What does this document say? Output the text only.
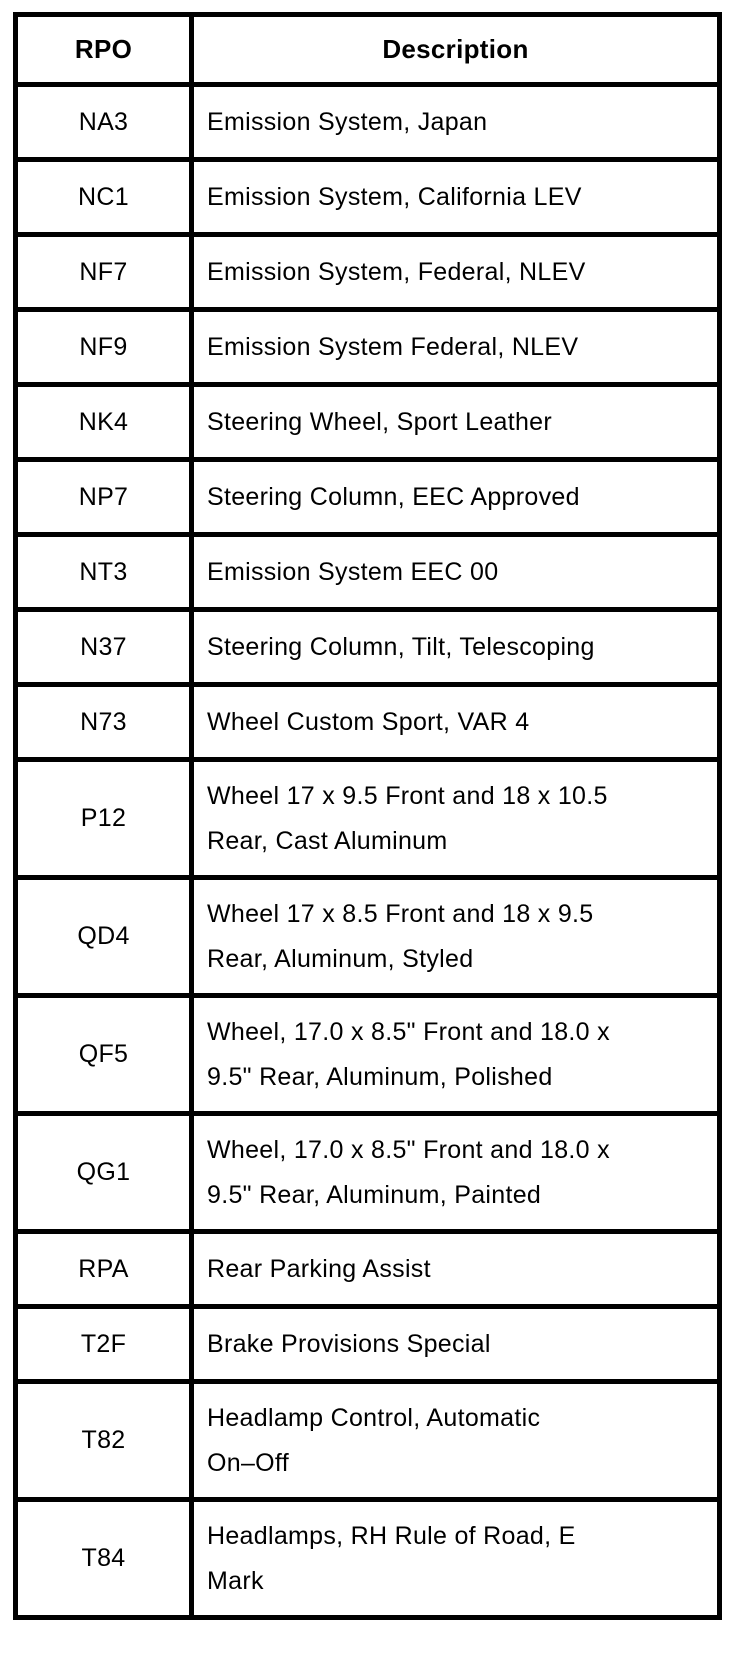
RPO	Description
NA3	Emission System, Japan

NC1	Emission System, California LEV

NF7	Emission System, Federal, NLEV

NF9	Emission System Federal, NLEV

NK4	Steering Wheel, Sport Leather

NP7	Steering Column, EEC Approved

NT3	Emission System EEC 00

N37	Steering Column, Tilt, Telescoping

N73	Wheel Custom Sport, VAR 4

P12	Wheel 17 x 9.5 Front and 18 x 10.5
Rear, Cast Aluminum

QD4	Wheel 17 x 8.5 Front and 18 x 9.5
Rear, Aluminum, Styled

QF5	Wheel, 17.0 x 8.5" Front and 18.0 x
9.5" Rear, Aluminum, Polished

QG1	Wheel, 17.0 x 8.5" Front and 18.0 x
9.5" Rear, Aluminum, Painted

RPA	Rear Parking Assist

T2F	Brake Provisions Special

T82	Headlamp Control, Automatic
On–Off

T84	Headlamps, RH Rule of Road, E
Mark
